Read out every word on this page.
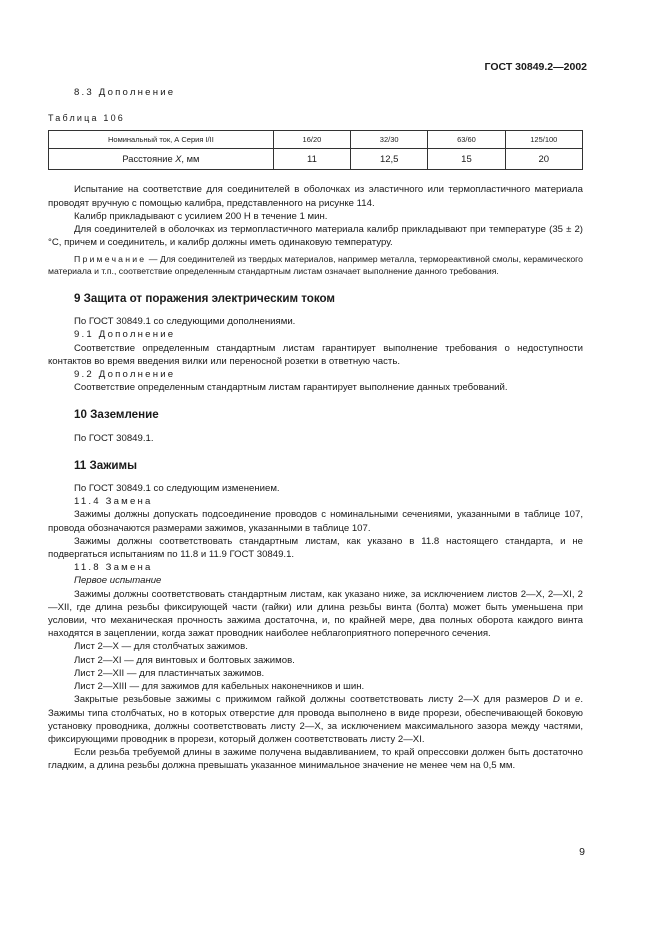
ГОСТ 30849.2—2002

8.3 Дополнение

Таблица 106

Номинальный ток, А Серия I/II	16/20	32/30	63/60	125/100
Расстояние X, мм	11	12,5	15	20

Испытание на соответствие для соединителей в оболочках из эластичного или термопластичного материала проводят вручную с помощью калибра, представленного на рисунке 114.

Калибр прикладывают с усилием 200 Н в течение 1 мин.

Для соединителей в оболочках из термопластичного материала калибр прикладывают при температуре (35 ± 2) °С, причем и соединитель, и калибр должны иметь одинаковую температуру.

Примечание — Для соединителей из твердых материалов, например металла, термореактивной смолы, керамического материала и т.п., соответствие определенным стандартным листам означает выполнение данного требования.

9 Защита от поражения электрическим током

По ГОСТ 30849.1 со следующими дополнениями.

9.1 Дополнение

Соответствие определенным стандартным листам гарантирует выполнение требования о недоступности контактов во время введения вилки или переносной розетки в ответную часть.

9.2 Дополнение

Соответствие определенным стандартным листам гарантирует выполнение данных требований.

10 Заземление

По ГОСТ 30849.1.

11 Зажимы

По ГОСТ 30849.1 со следующим изменением.

11.4 Замена

Зажимы должны допускать подсоединение проводов с номинальными сечениями, указанными в таблице 107, провода обозначаются размерами зажимов, указанными в таблице 107.

Зажимы должны соответствовать стандартным листам, как указано в 11.8 настоящего стандарта, и не подвергаться испытаниям по 11.8 и 11.9 ГОСТ 30849.1.

11.8 Замена

Первое испытание

Зажимы должны соответствовать стандартным листам, как указано ниже, за исключением листов 2—X, 2—XI, 2—XII, где длина резьбы фиксирующей части (гайки) или длина резьбы винта (болта) может быть уменьшена при условии, что механическая прочность зажима достаточна, и, по крайней мере, два полных оборота каждого винта находятся в зацеплении, когда зажат проводник наиболее неблагоприятного поперечного сечения.

Лист 2—X — для столбчатых зажимов.

Лист 2—XI — для винтовых и болтовых зажимов.

Лист 2—XII — для пластинчатых зажимов.

Лист 2—XIII — для зажимов для кабельных наконечников и шин.

Закрытые резьбовые зажимы с прижимом гайкой должны соответствовать листу 2—X для размеров D и e. Зажимы типа столбчатых, но в которых отверстие для провода выполнено в виде прорези, обеспечивающей боковую установку проводника, должны соответствовать листу 2—X, за исключением максимального зазора между частями, фиксирующими проводник в прорези, который должен соответствовать листу 2—XI.

Если резьба требуемой длины в зажиме получена выдавливанием, то край опрессовки должен быть достаточно гладким, а длина резьбы должна превышать указанное минимальное значение не менее чем на 0,5 мм.

9
